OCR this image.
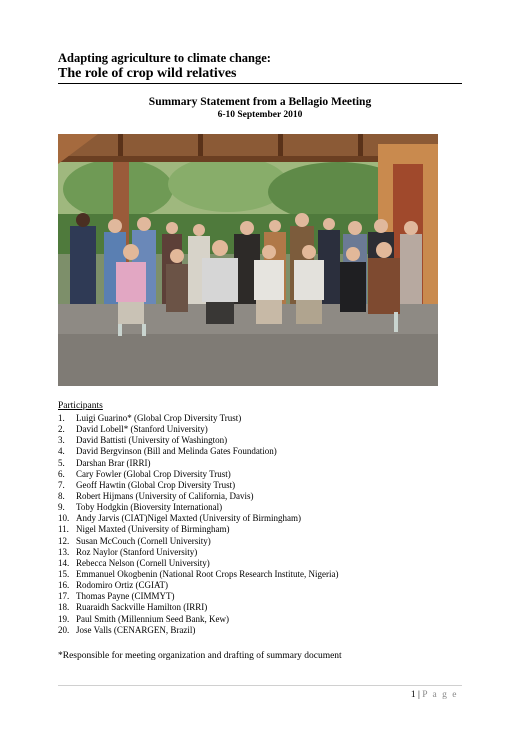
Adapting agriculture to climate change:
The role of crop wild relatives
Summary Statement from a Bellagio Meeting
6-10 September 2010
Participants
1. Luigi Guarino* (Global Crop Diversity Trust)
2. David Lobell* (Stanford University)
3. David Battisti (University of Washington)
4. David Bergvinson (Bill and Melinda Gates Foundation)
5. Darshan Brar (IRRI)
6. Cary Fowler (Global Crop Diversity Trust)
7. Geoff Hawtin (Global Crop Diversity Trust)
8. Robert Hijmans (University of California, Davis)
9. Toby Hodgkin (Bioversity International)
10. Andy Jarvis (CIAT)Nigel Maxted (University of Birmingham)
11. Nigel Maxted (University of Birmingham)
12. Susan McCouch (Cornell University)
13. Roz Naylor (Stanford University)
14. Rebecca Nelson (Cornell University)
15. Emmanuel Okogbenin (National Root Crops Research Institute, Nigeria)
16. Rodomiro Ortiz (CGIAT)
17. Thomas Payne (CIMMYT)
18. Ruaraidh Sackville Hamilton (IRRI)
19. Paul Smith (Millennium Seed Bank, Kew)
20. Jose Valls (CENARGEN, Brazil)
*Responsible for meeting organization and drafting of summary document
1 | P a g e
